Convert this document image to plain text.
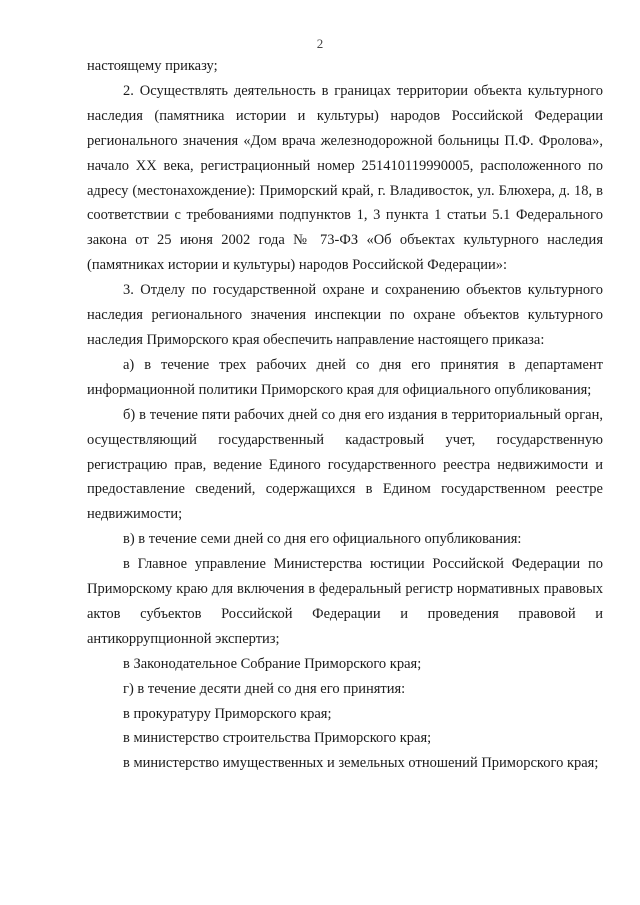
2

настоящему приказу;

2. Осуществлять деятельность в границах территории объекта культурного наследия (памятника истории и культуры) народов Российской Федерации регионального значения «Дом врача железнодорожной больницы П.Ф. Фролова», начало XX века, регистрационный номер 251410119990005, расположенного по адресу (местонахождение): Приморский край, г. Владивосток, ул. Блюхера, д. 18, в соответствии с требованиями подпунктов 1, 3 пункта 1 статьи 5.1 Федерального закона от 25 июня 2002 года № 73-ФЗ «Об объектах культурного наследия (памятниках истории и культуры) народов Российской Федерации»:

3. Отделу по государственной охране и сохранению объектов культурного наследия регионального значения инспекции по охране объектов культурного наследия Приморского края обеспечить направление настоящего приказа:

а) в течение трех рабочих дней со дня его принятия в департамент информационной политики Приморского края для официального опубликования;

б) в течение пяти рабочих дней со дня его издания в территориальный орган, осуществляющий государственный кадастровый учет, государственную регистрацию прав, ведение Единого государственного реестра недвижимости и предоставление сведений, содержащихся в Едином государственном реестре недвижимости;

в) в течение семи дней со дня его официального опубликования:

в Главное управление Министерства юстиции Российской Федерации по Приморскому краю для включения в федеральный регистр нормативных правовых актов субъектов Российской Федерации и проведения правовой и антикоррупционной экспертиз;

в Законодательное Собрание Приморского края;

г) в течение десяти дней со дня его принятия:

в прокуратуру Приморского края;

в министерство строительства Приморского края;

в министерство имущественных и земельных отношений Приморского края;
